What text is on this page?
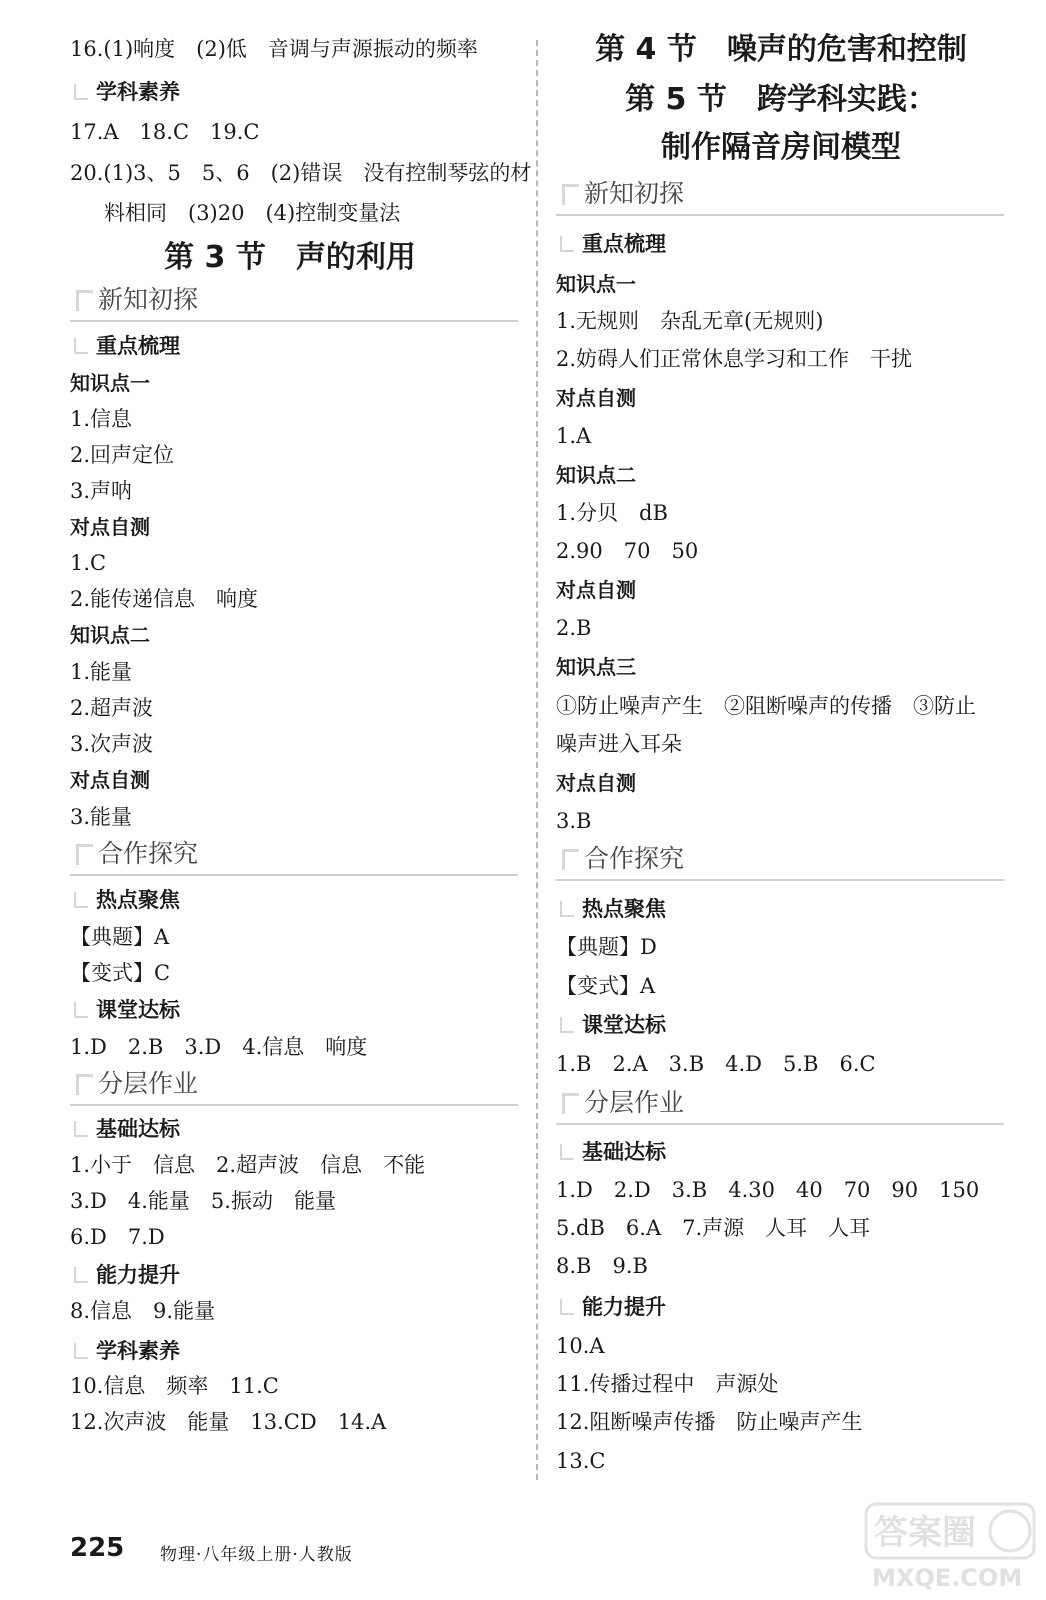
16.(1)响度　(2)低　音调与声源振动的频率
学科素养
17.A　18.C　19.C
20.(1)3、5　5、6　(2)错误　没有控制琴弦的材
料相同　(3)20　(4)控制变量法
第 3 节　声的利用
新知初探
重点梳理
知识点一
1.信息
2.回声定位
3.声呐
对点自测
1.C
2.能传递信息　响度
知识点二
1.能量
2.超声波
3.次声波
对点自测
3.能量
合作探究
热点聚焦
【典题】A
【变式】C
课堂达标
1.D　2.B　3.D　4.信息　响度
分层作业
基础达标
1.小于　信息　2.超声波　信息　不能
3.D　4.能量　5.振动　能量
6.D　7.D
能力提升
8.信息　9.能量
学科素养
10.信息　频率　11.C
12.次声波　能量　13.CD　14.A
第 4 节　噪声的危害和控制
第 5 节　跨学科实践：
制作隔音房间模型
新知初探
重点梳理
知识点一
1.无规则　杂乱无章(无规则)
2.妨碍人们正常休息学习和工作　干扰
对点自测
1.A
知识点二
1.分贝　dB
2.90　70　50
对点自测
2.B
知识点三
①防止噪声产生　②阻断噪声的传播　③防止
噪声进入耳朵
对点自测
3.B
合作探究
热点聚焦
【典题】D
【变式】A
课堂达标
1.B　2.A　3.B　4.D　5.B　6.C
分层作业
基础达标
1.D　2.D　3.B　4.30　40　70　90　150
5.dB　6.A　7.声源　人耳　人耳
8.B　9.B
能力提升
10.A
11.传播过程中　声源处
12.阻断噪声传播　防止噪声产生
13.C
225 物理·八年级上册·人教版
答案圈
MXQE.COM
